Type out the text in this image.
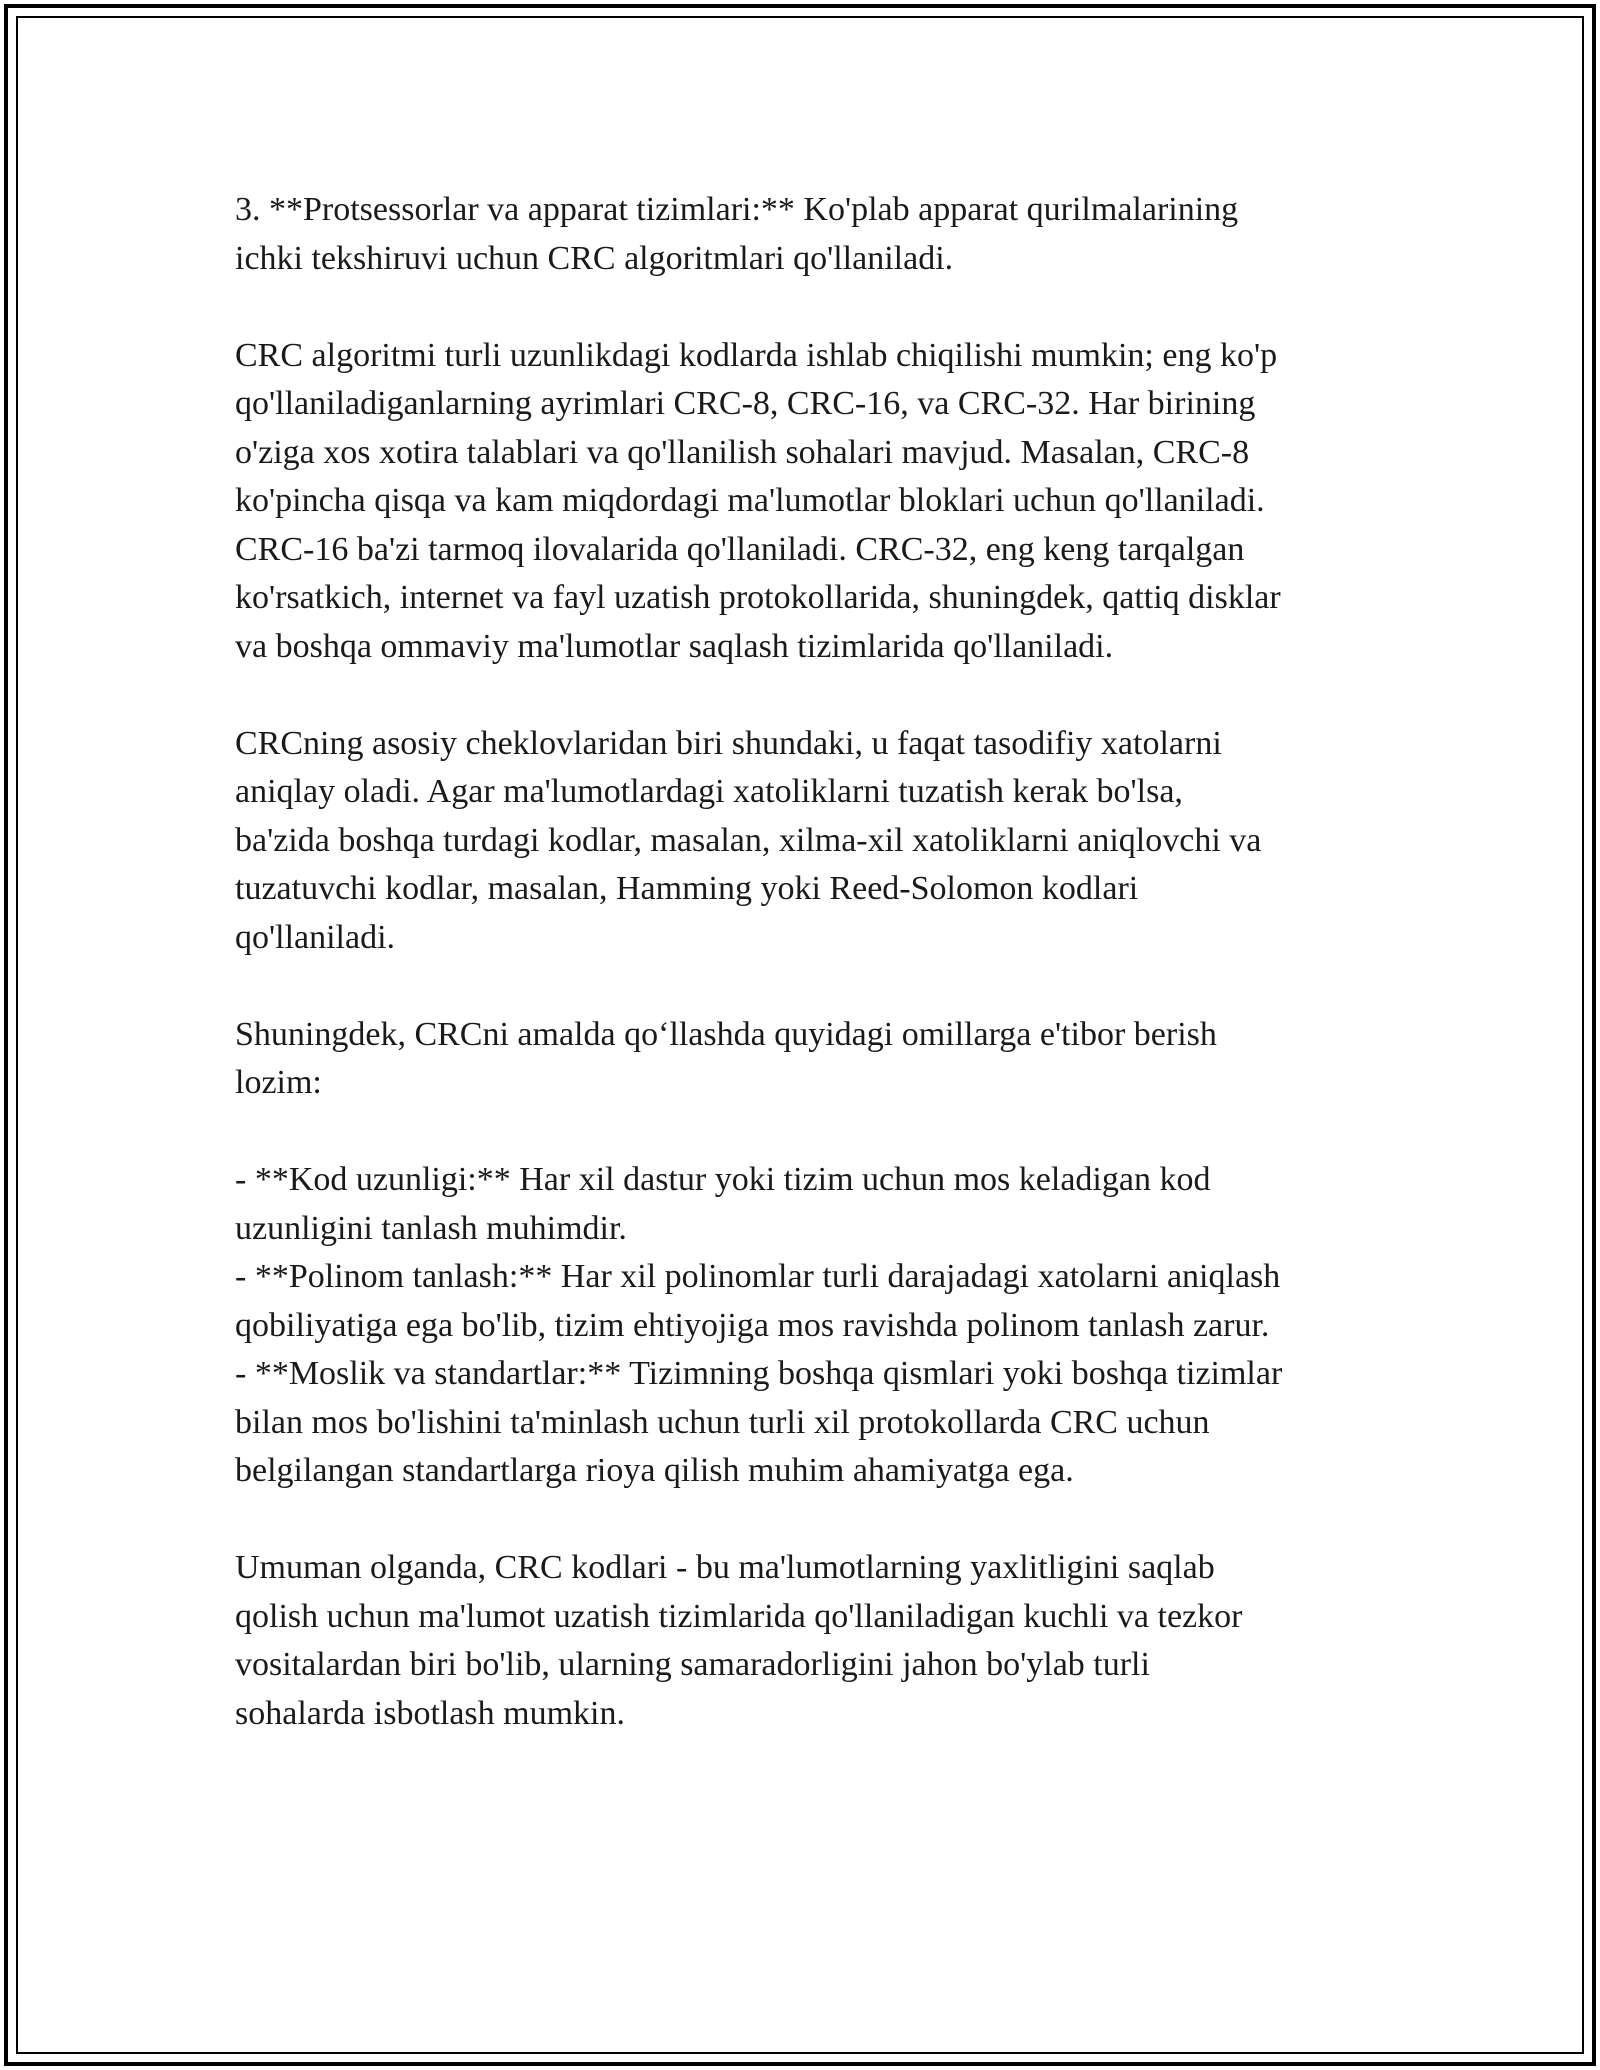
3. **Protsessorlar va apparat tizimlari:** Ko'plab apparat qurilmalarining
ichki tekshiruvi uchun CRC algoritmlari qo'llaniladi.
CRC algoritmi turli uzunlikdagi kodlarda ishlab chiqilishi mumkin; eng ko'p
qo'llaniladiganlarning ayrimlari CRC-8, CRC-16, va CRC-32. Har birining
o'ziga xos xotira talablari va qo'llanilish sohalari mavjud. Masalan, CRC-8
ko'pincha qisqa va kam miqdordagi ma'lumotlar bloklari uchun qo'llaniladi.
CRC-16 ba'zi tarmoq ilovalarida qo'llaniladi. CRC-32, eng keng tarqalgan
ko'rsatkich, internet va fayl uzatish protokollarida, shuningdek, qattiq disklar
va boshqa ommaviy ma'lumotlar saqlash tizimlarida qo'llaniladi.
CRCning asosiy cheklovlaridan biri shundaki, u faqat tasodifiy xatolarni
aniqlay oladi. Agar ma'lumotlardagi xatoliklarni tuzatish kerak bo'lsa,
ba'zida boshqa turdagi kodlar, masalan, xilma-xil xatoliklarni aniqlovchi va
tuzatuvchi kodlar, masalan, Hamming yoki Reed-Solomon kodlari
qo'llaniladi.
Shuningdek, CRCni amalda qo‘llashda quyidagi omillarga e'tibor berish
lozim:
- **Kod uzunligi:** Har xil dastur yoki tizim uchun mos keladigan kod
uzunligini tanlash muhimdir.
- **Polinom tanlash:** Har xil polinomlar turli darajadagi xatolarni aniqlash
qobiliyatiga ega bo'lib, tizim ehtiyojiga mos ravishda polinom tanlash zarur.
- **Moslik va standartlar:** Tizimning boshqa qismlari yoki boshqa tizimlar
bilan mos bo'lishini ta'minlash uchun turli xil protokollarda CRC uchun
belgilangan standartlarga rioya qilish muhim ahamiyatga ega.
Umuman olganda, CRC kodlari - bu ma'lumotlarning yaxlitligini saqlab
qolish uchun ma'lumot uzatish tizimlarida qo'llaniladigan kuchli va tezkor
vositalardan biri bo'lib, ularning samaradorligini jahon bo'ylab turli
sohalarda isbotlash mumkin.
